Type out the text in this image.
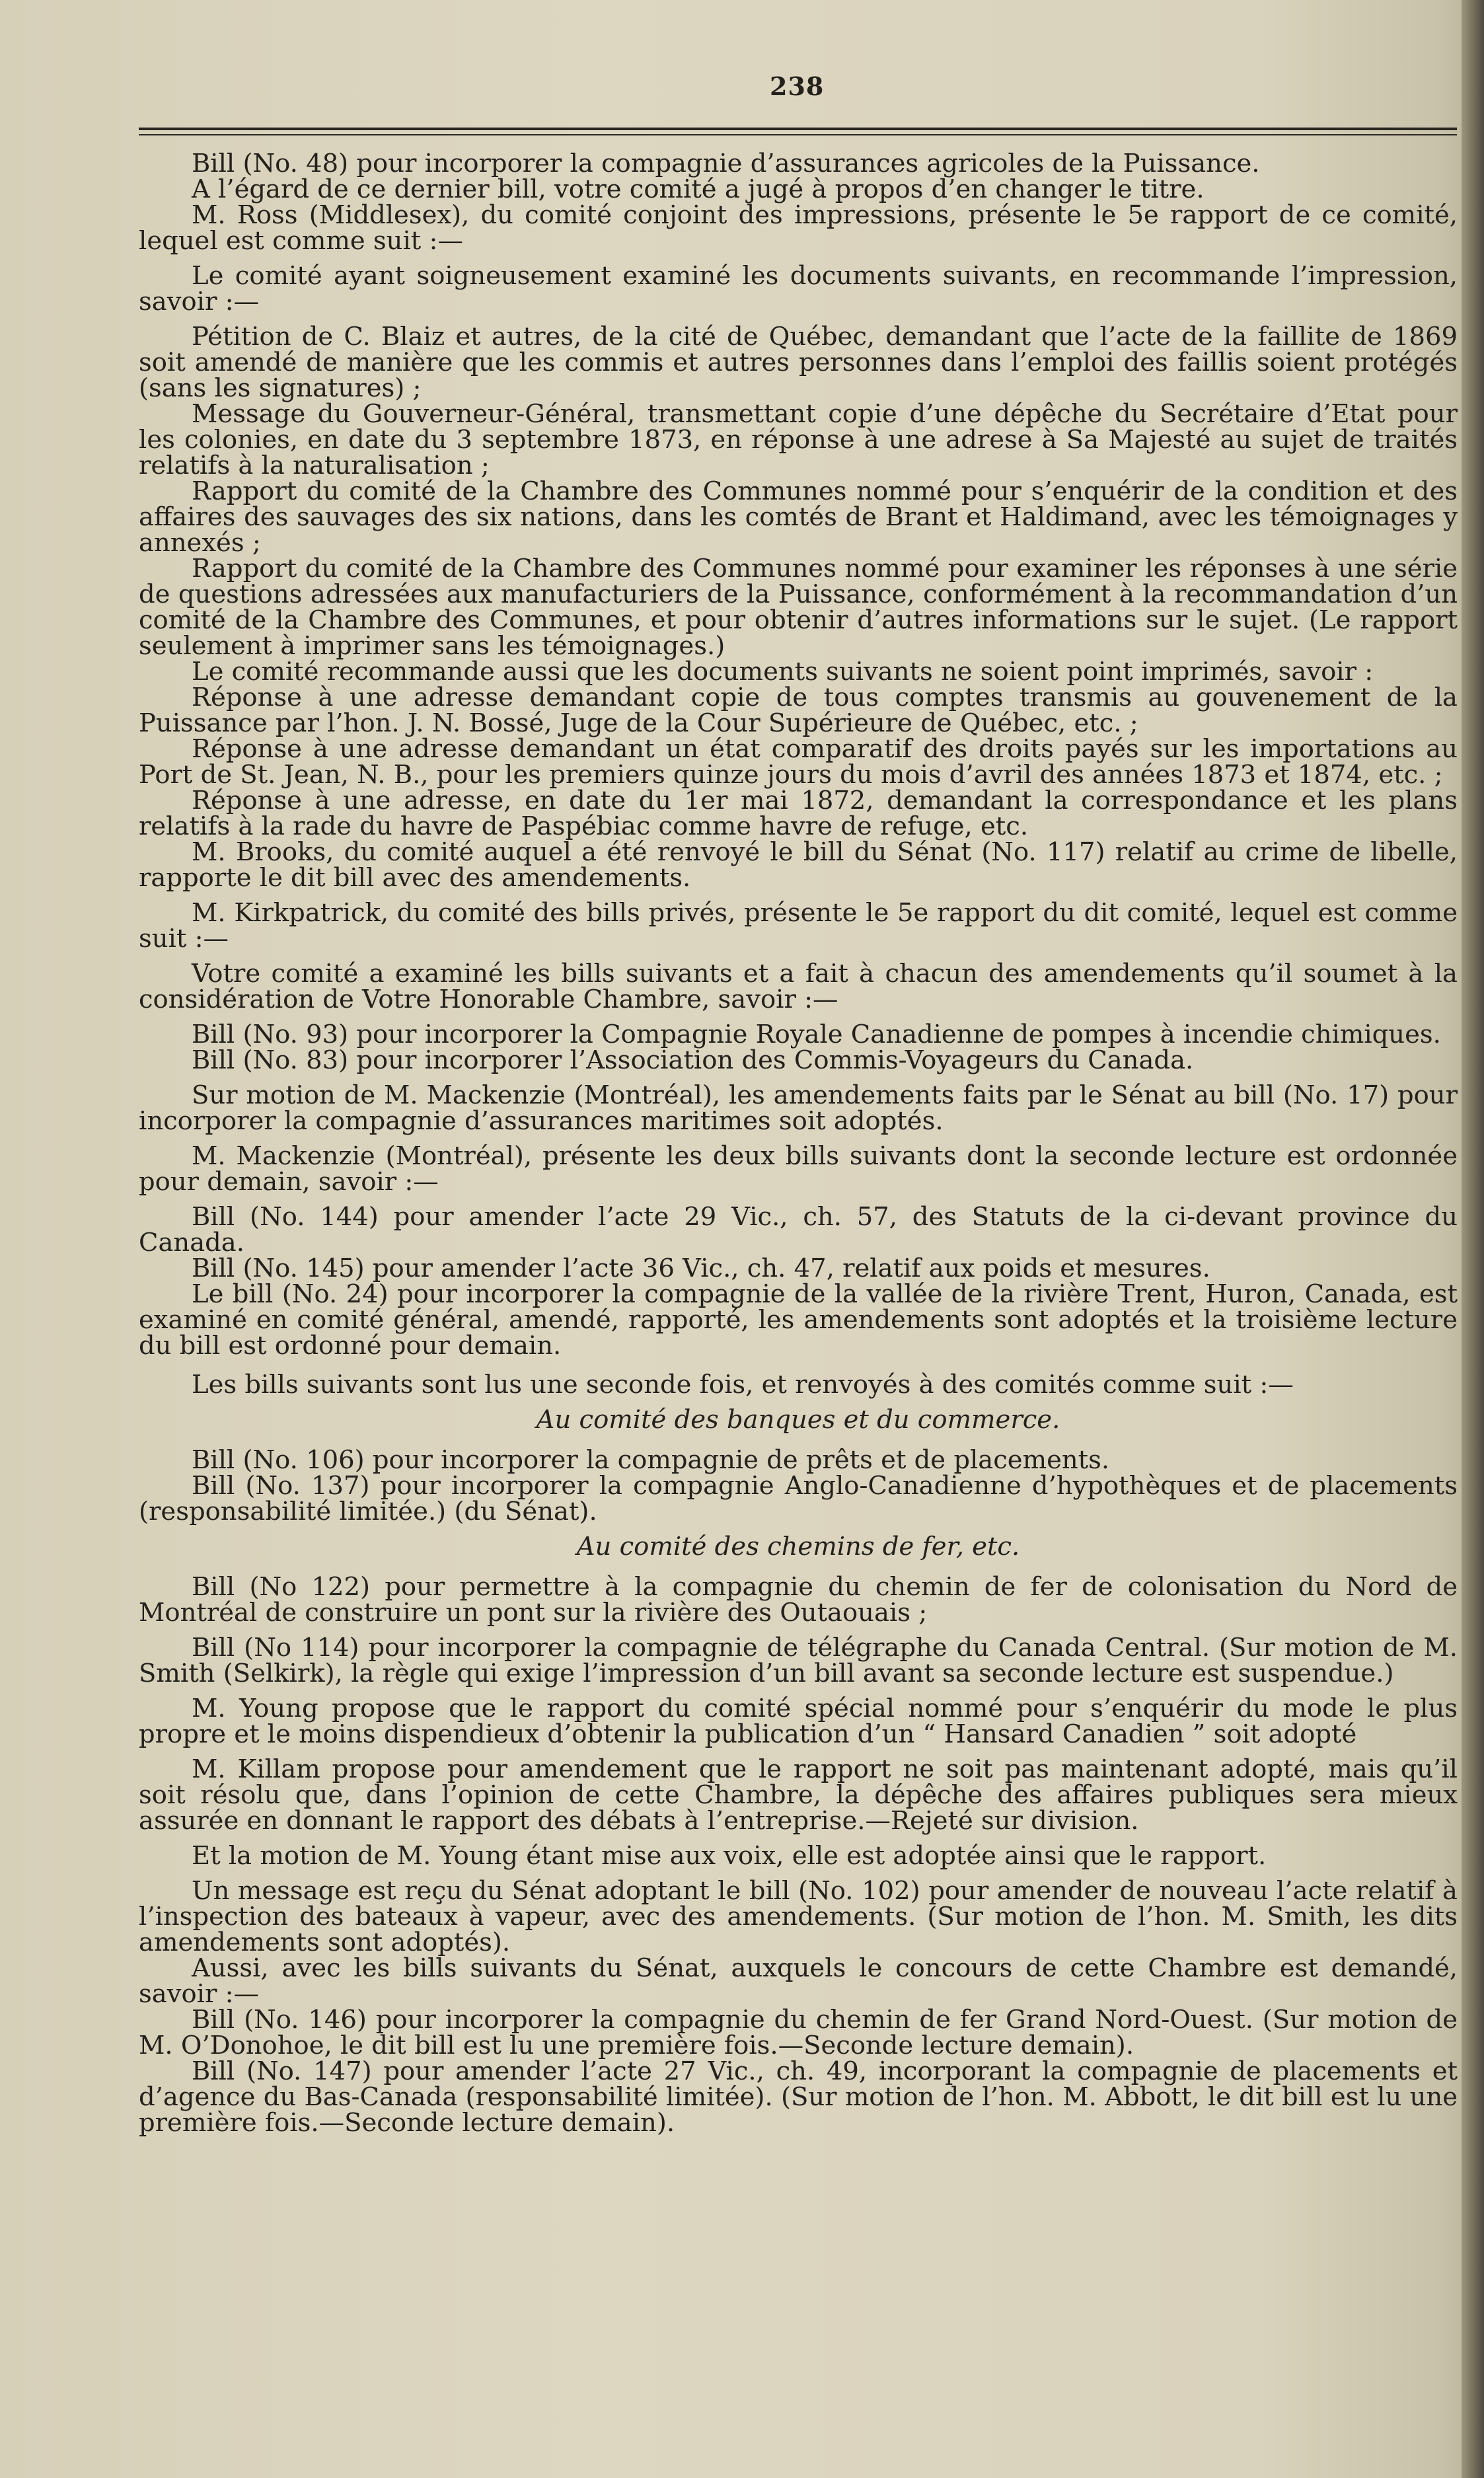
238

Bill (No. 48) pour incorporer la compagnie d’assurances agricoles de la Puissance.

A l’égard de ce dernier bill, votre comité a jugé à propos d’en changer le titre.

M. Ross (Middlesex), du comité conjoint des impressions, présente le 5e rapport de ce comité, lequel est comme suit :—

Le comité ayant soigneusement examiné les documents suivants, en recommande l’impression, savoir :—

Pétition de C. Blaiz et autres, de la cité de Québec, demandant que l’acte de la faillite de 1869 soit amendé de manière que les commis et autres personnes dans l’emploi des faillis soient protégés (sans les signatures) ;

Message du Gouverneur-Général, transmettant copie d’une dépêche du Secrétaire d’Etat pour les colonies, en date du 3 septembre 1873, en réponse à une adrese à Sa Majesté au sujet de traités relatifs à la naturalisation ;

Rapport du comité de la Chambre des Communes nommé pour s’enquérir de la condition et des affaires des sauvages des six nations, dans les comtés de Brant et Haldimand, avec les témoignages y annexés ;

Rapport du comité de la Chambre des Communes nommé pour examiner les réponses à une série de questions adressées aux manufacturiers de la Puissance, conformément à la recommandation d’un comité de la Chambre des Communes, et pour obtenir d’autres informations sur le sujet. (Le rapport seulement à imprimer sans les témoignages.)

Le comité recommande aussi que les documents suivants ne soient point imprimés, savoir :

Réponse à une adresse demandant copie de tous comptes transmis au gouvenement de la Puissance par l’hon. J. N. Bossé, Juge de la Cour Supérieure de Québec, etc. ;

Réponse à une adresse demandant un état comparatif des droits payés sur les importations au Port de St. Jean, N. B., pour les premiers quinze jours du mois d’avril des années 1873 et 1874, etc. ;

Réponse à une adresse, en date du 1er mai 1872, demandant la correspondance et les plans relatifs à la rade du havre de Paspébiac comme havre de refuge, etc.

M. Brooks, du comité auquel a été renvoyé le bill du Sénat (No. 117) relatif au crime de libelle, rapporte le dit bill avec des amendements.

M. Kirkpatrick, du comité des bills privés, présente le 5e rapport du dit comité, lequel est comme suit :—

Votre comité a examiné les bills suivants et a fait à chacun des amendements qu’il soumet à la considération de Votre Honorable Chambre, savoir :—

Bill (No. 93) pour incorporer la Compagnie Royale Canadienne de pompes à incendie chimiques.

Bill (No. 83) pour incorporer l’Association des Commis-Voyageurs du Canada.

Sur motion de M. Mackenzie (Montréal), les amendements faits par le Sénat au bill (No. 17) pour incorporer la compagnie d’assurances maritimes soit adoptés.

M. Mackenzie (Montréal), présente les deux bills suivants dont la seconde lecture est ordonnée pour demain, savoir :—

Bill (No. 144) pour amender l’acte 29 Vic., ch. 57, des Statuts de la ci-devant province du Canada.

Bill (No. 145) pour amender l’acte 36 Vic., ch. 47, relatif aux poids et mesures.

Le bill (No. 24) pour incorporer la compagnie de la vallée de la rivière Trent, Huron, Canada, est examiné en comité général, amendé, rapporté, les amendements sont adoptés et la troisième lecture du bill est ordonné pour demain.

Les bills suivants sont lus une seconde fois, et renvoyés à des comités comme suit :—

Au comité des banques et du commerce.

Bill (No. 106) pour incorporer la compagnie de prêts et de placements.

Bill (No. 137) pour incorporer la compagnie Anglo-Canadienne d’hypothèques et de placements (responsabilité limitée.) (du Sénat).

Au comité des chemins de fer, etc.

Bill (No 122) pour permettre à la compagnie du chemin de fer de colonisation du Nord de Montréal de construire un pont sur la rivière des Outaouais ;

Bill (No 114) pour incorporer la compagnie de télégraphe du Canada Central. (Sur motion de M. Smith (Selkirk), la règle qui exige l’impression d’un bill avant sa seconde lecture est suspendue.)

M. Young propose que le rapport du comité spécial nommé pour s’enquérir du mode le plus propre et le moins dispendieux d’obtenir la publication d’un “ Hansard Canadien ” soit adopté

M. Killam propose pour amendement que le rapport ne soit pas maintenant adopté, mais qu’il soit résolu que, dans l’opinion de cette Chambre, la dépêche des affaires publiques sera mieux assurée en donnant le rapport des débats à l’entreprise.—Rejeté sur division.

Et la motion de M. Young étant mise aux voix, elle est adoptée ainsi que le rapport.

Un message est reçu du Sénat adoptant le bill (No. 102) pour amender de nouveau l’acte relatif à l’inspection des bateaux à vapeur, avec des amendements. (Sur motion de l’hon. M. Smith, les dits amendements sont adoptés).

Aussi, avec les bills suivants du Sénat, auxquels le concours de cette Chambre est demandé, savoir :—

Bill (No. 146) pour incorporer la compagnie du chemin de fer Grand Nord-Ouest. (Sur motion de M. O’Donohoe, le dit bill est lu une première fois.—Seconde lecture demain).

Bill (No. 147) pour amender l’acte 27 Vic., ch. 49, incorporant la compagnie de placements et d’agence du Bas-Canada (responsabilité limitée). (Sur motion de l’hon. M. Abbott, le dit bill est lu une première fois.—Seconde lecture demain).
